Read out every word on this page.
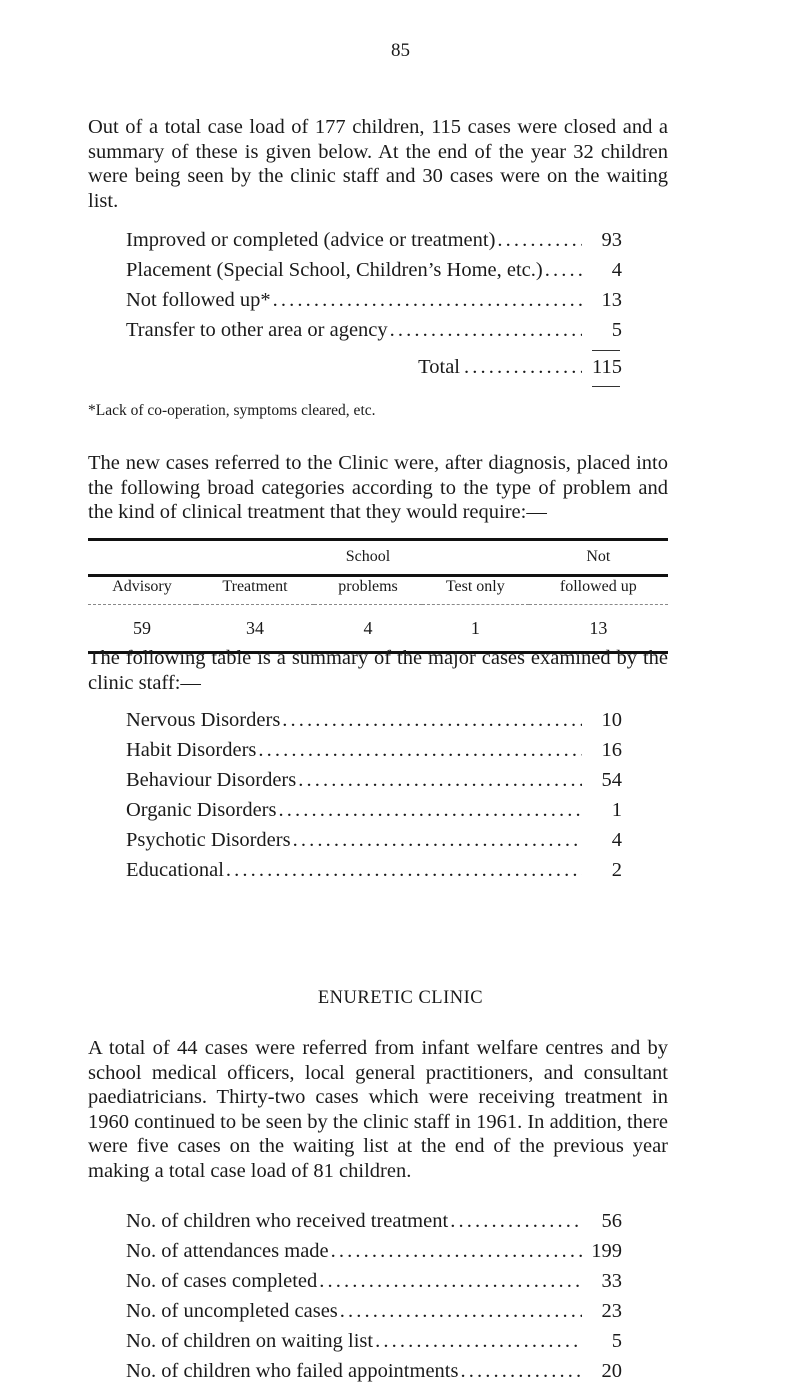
85

Out of a total case load of 177 children, 115 cases were closed and a summary of these is given below. At the end of the year 32 children were being seen by the clinic staff and 30 cases were on the waiting list.

Improved or completed (advice or treatment) . . .	93
Placement (Special School, Children’s Home, etc.) . . .	4
Not followed up* . . .	13
Transfer to other area or agency . . .	5
Total . . .	115

*Lack of co-operation, symptoms cleared, etc.

The new cases referred to the Clinic were, after diagnosis, placed into the following broad categories according to the type of problem and the kind of clinical treatment that they would require:—

		School		Not
Advisory	Treatment	problems	Test only	followed up
59	34	4	1	13

The following table is a summary of the major cases examined by the clinic staff:—

Nervous Disorders . . .	10
Habit Disorders . . .	16
Behaviour Disorders . . .	54
Organic Disorders . . .	1
Psychotic Disorders . . .	4
Educational . . .	2
ENURETIC CLINIC

A total of 44 cases were referred from infant welfare centres and by school medical officers, local general practitioners, and consultant paediatricians. Thirty-two cases which were receiving treatment in 1960 continued to be seen by the clinic staff in 1961. In addition, there were five cases on the waiting list at the end of the previous year making a total case load of 81 children.

No. of children who received treatment . . .	56
No. of attendances made . . .	199
No. of cases completed . . .	33
No. of uncompleted cases . . .	23
No. of children on waiting list . . .	5
No. of children who failed appointments . . .	20
